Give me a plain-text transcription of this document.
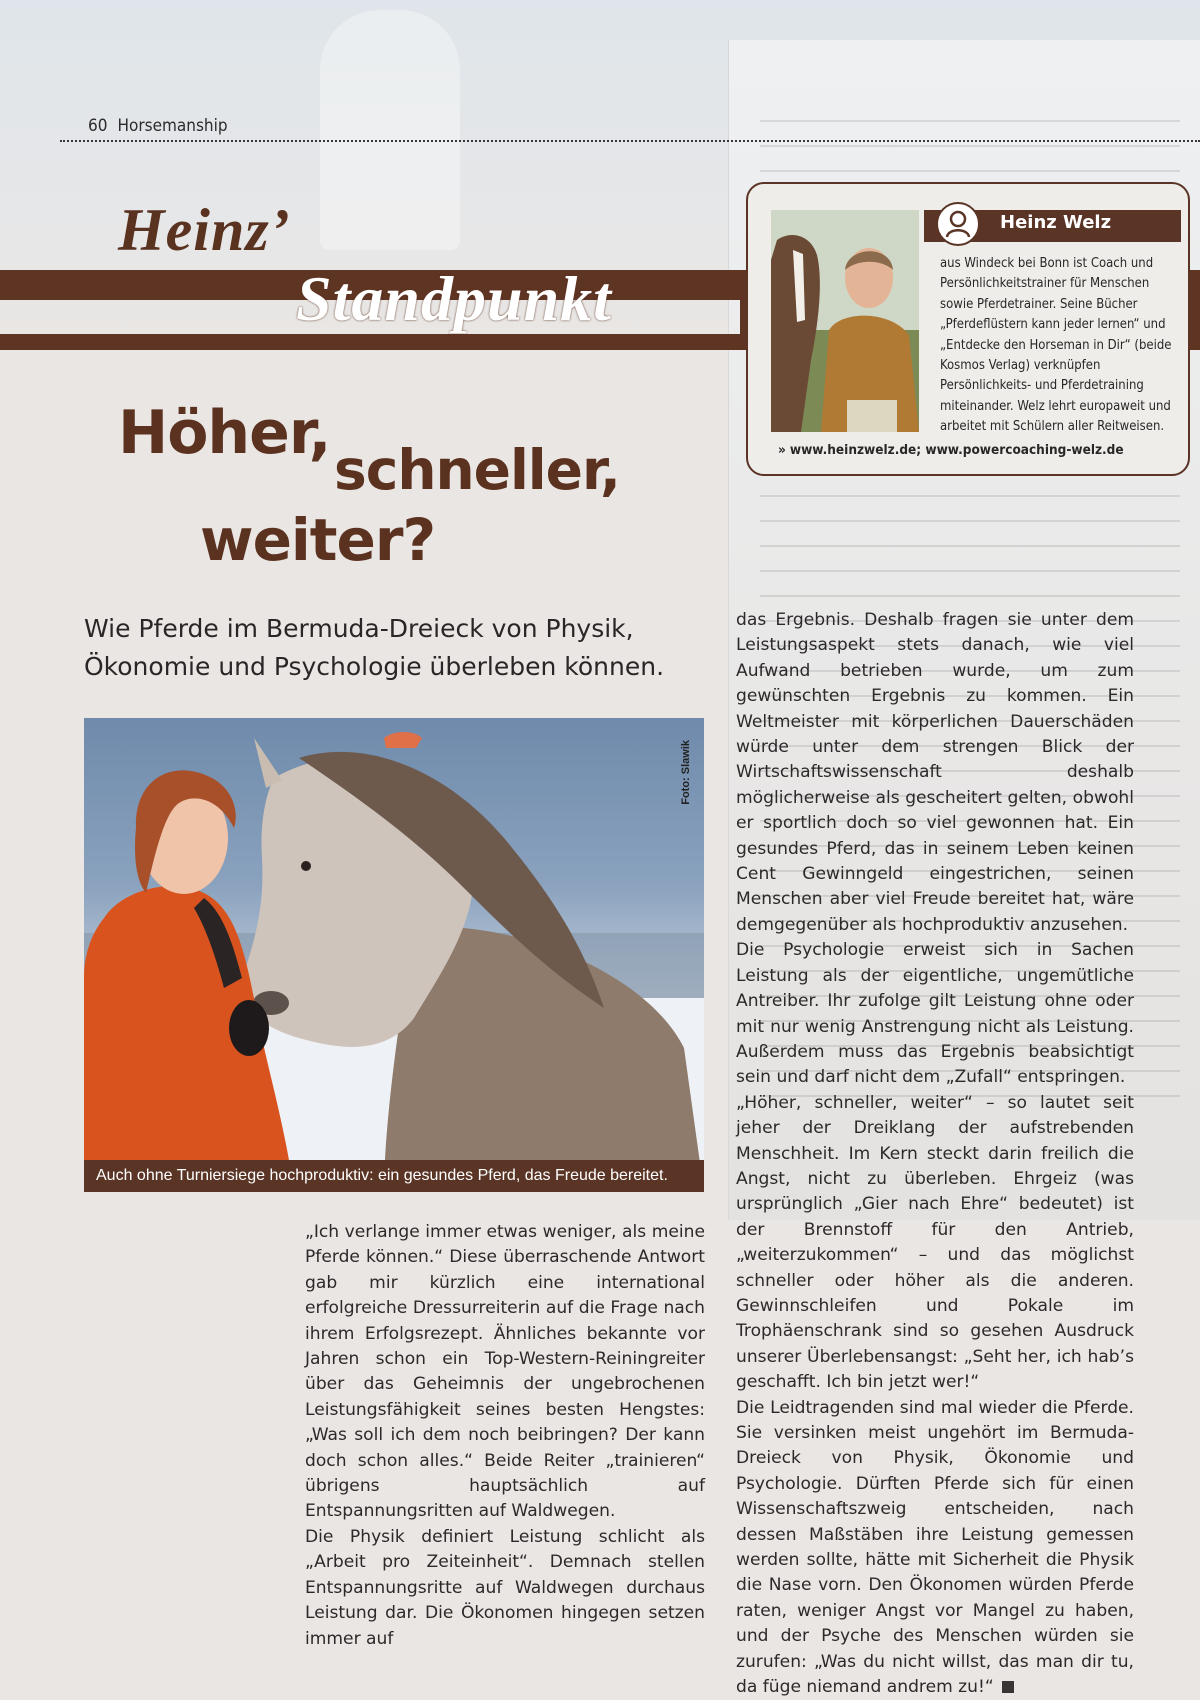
60 Horsemanship
Heinz’
Standpunkt
Höher,
schneller,
weiter?
Wie Pferde im Bermuda-Dreieck von Physik, Ökonomie und Psychologie überleben können.
Foto: Slawik
Auch ohne Turniersiege hochproduktiv: ein gesundes Pferd, das Freude bereitet.
Heinz Welz
aus Windeck bei Bonn ist Coach und Persönlichkeitstrainer für Menschen sowie Pferdetrainer. Seine Bücher „Pferdeflüstern kann jeder lernen“ und „Entdecke den Horseman in Dir“ (beide Kosmos Verlag) verknüpfen Persönlichkeits- und Pferdetraining miteinander. Welz lehrt europaweit und arbeitet mit Schülern aller Reitweisen.
» www.heinzwelz.de; www.powercoaching-welz.de

„Ich verlange immer etwas weniger, als meine Pferde können.“ Diese überraschende Antwort gab mir kürzlich eine international erfolgreiche Dressurreiterin auf die Frage nach ihrem Erfolgsrezept. Ähnliches bekannte vor Jahren schon ein Top-Western-Reiningreiter über das Geheimnis der ungebrochenen Leistungsfähigkeit seines besten Hengstes: „Was soll ich dem noch beibringen? Der kann doch schon alles.“ Beide Reiter „trainieren“ übrigens hauptsächlich auf Entspannungsritten auf Waldwegen.

Die Physik definiert Leistung schlicht als „Arbeit pro Zeiteinheit“. Demnach stellen Entspannungsritte auf Waldwegen durchaus Leistung dar. Die Ökonomen hingegen setzen immer auf

das Ergebnis. Deshalb fragen sie unter dem Leistungsaspekt stets danach, wie viel Aufwand betrieben wurde, um zum gewünschten Ergebnis zu kommen. Ein Weltmeister mit körperlichen Dauerschäden würde unter dem strengen Blick der Wirtschaftswissenschaft deshalb möglicherweise als gescheitert gelten, obwohl er sportlich doch so viel gewonnen hat. Ein gesundes Pferd, das in seinem Leben keinen Cent Gewinngeld eingestrichen, seinen Menschen aber viel Freude bereitet hat, wäre demgegenüber als hochproduktiv anzusehen.

Die Psychologie erweist sich in Sachen Leistung als der eigentliche, ungemütliche Antreiber. Ihr zufolge gilt Leistung ohne oder mit nur wenig Anstrengung nicht als Leistung. Außerdem muss das Ergebnis beabsichtigt sein und darf nicht dem „Zufall“ entspringen.

„Höher, schneller, weiter“ – so lautet seit jeher der Dreiklang der aufstrebenden Menschheit. Im Kern steckt darin freilich die Angst, nicht zu überleben. Ehrgeiz (was ursprünglich „Gier nach Ehre“ bedeutet) ist der Brennstoff für den Antrieb, „weiterzukommen“ – und das möglichst schneller oder höher als die anderen. Gewinnschleifen und Pokale im Trophäenschrank sind so gesehen Ausdruck unserer Überlebensangst: „Seht her, ich hab’s geschafft. Ich bin jetzt wer!“

Die Leidtragenden sind mal wieder die Pferde. Sie versinken meist ungehört im Bermuda-Dreieck von Physik, Ökonomie und Psychologie. Dürften Pferde sich für einen Wissenschaftszweig entscheiden, nach dessen Maßstäben ihre Leistung gemessen werden sollte, hätte mit Sicherheit die Physik die Nase vorn. Den Ökonomen würden Pferde raten, weniger Angst vor Mangel zu haben, und der Psyche des Menschen würden sie zurufen: „Was du nicht willst, das man dir tu, da füge niemand andrem zu!“
